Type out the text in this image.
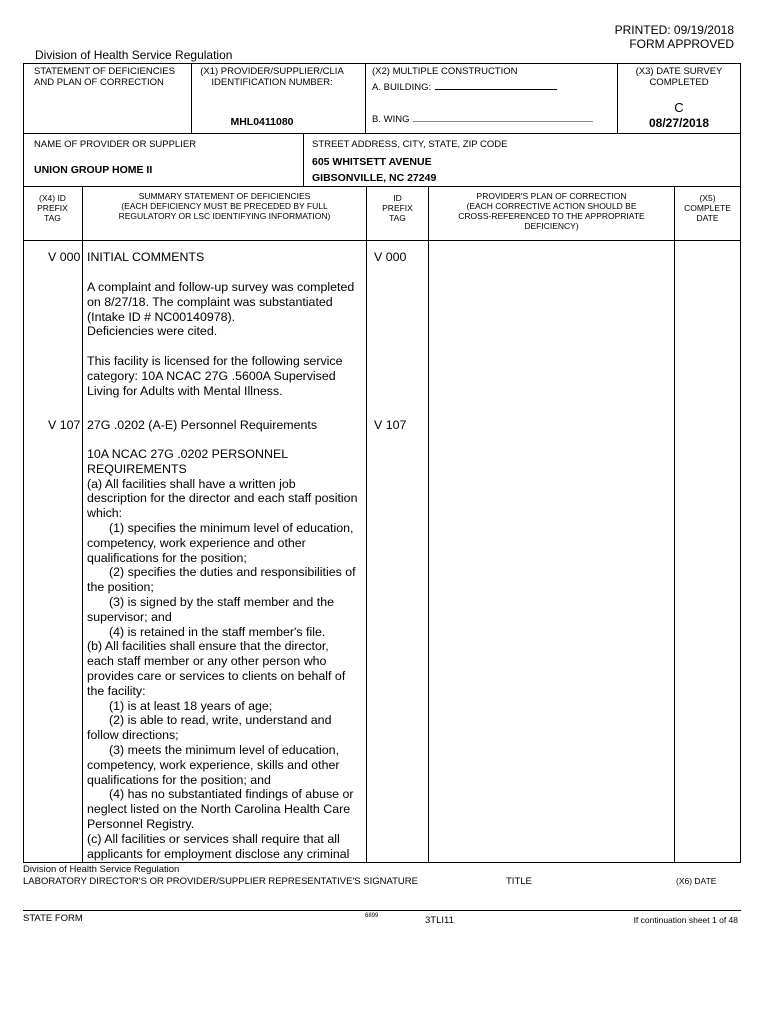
PRINTED: 09/19/2018
FORM APPROVED
Division of Health Service Regulation
STATEMENT OF DEFICIENCIES
AND PLAN OF CORRECTION
(X1) PROVIDER/SUPPLIER/CLIA
IDENTIFICATION NUMBER:
MHL0411080
(X2) MULTIPLE CONSTRUCTION
A. BUILDING:
B. WING
(X3) DATE SURVEY
COMPLETED
C
08/27/2018
NAME OF PROVIDER OR SUPPLIER
UNION GROUP HOME II
STREET ADDRESS, CITY, STATE, ZIP CODE
605 WHITSETT AVENUE
GIBSONVILLE, NC 27249
(X4) ID
PREFIX
TAG
SUMMARY STATEMENT OF DEFICIENCIES
(EACH DEFICIENCY MUST BE PRECEDED BY FULL
REGULATORY OR LSC IDENTIFYING INFORMATION)
ID
PREFIX
TAG
PROVIDER'S PLAN OF CORRECTION
(EACH CORRECTIVE ACTION SHOULD BE
CROSS-REFERENCED TO THE APPROPRIATE
DEFICIENCY)
(X5)
COMPLETE
DATE
V 000 INITIAL COMMENTS	V 000
A complaint and follow-up survey was completed
on 8/27/18. The complaint was substantiated
(Intake ID # NC00140978).
Deficiencies were cited.
This facility is licensed for the following service
category: 10A NCAC 27G .5600A Supervised
Living for Adults with Mental Illness.
V 107 27G .0202 (A-E) Personnel Requirements	V 107
10A NCAC 27G .0202 PERSONNEL
REQUIREMENTS
(a) All facilities shall have a written job
description for the director and each staff position
which:
(1) specifies the minimum level of education,
competency, work experience and other
qualifications for the position;
(2) specifies the duties and responsibilities of
the position;
(3) is signed by the staff member and the
supervisor; and
(4) is retained in the staff member's file.
(b) All facilities shall ensure that the director,
each staff member or any other person who
provides care or services to clients on behalf of
the facility:
(1) is at least 18 years of age;
(2) is able to read, write, understand and
follow directions;
(3) meets the minimum level of education,
competency, work experience, skills and other
qualifications for the position; and
(4) has no substantiated findings of abuse or
neglect listed on the North Carolina Health Care
Personnel Registry.
(c) All facilities or services shall require that all
applicants for employment disclose any criminal
Division of Health Service Regulation
LABORATORY DIRECTOR'S OR PROVIDER/SUPPLIER REPRESENTATIVE'S SIGNATURE	TITLE	(X6) DATE
STATE FORM	6899	3TLI11	If continuation sheet 1 of 48
